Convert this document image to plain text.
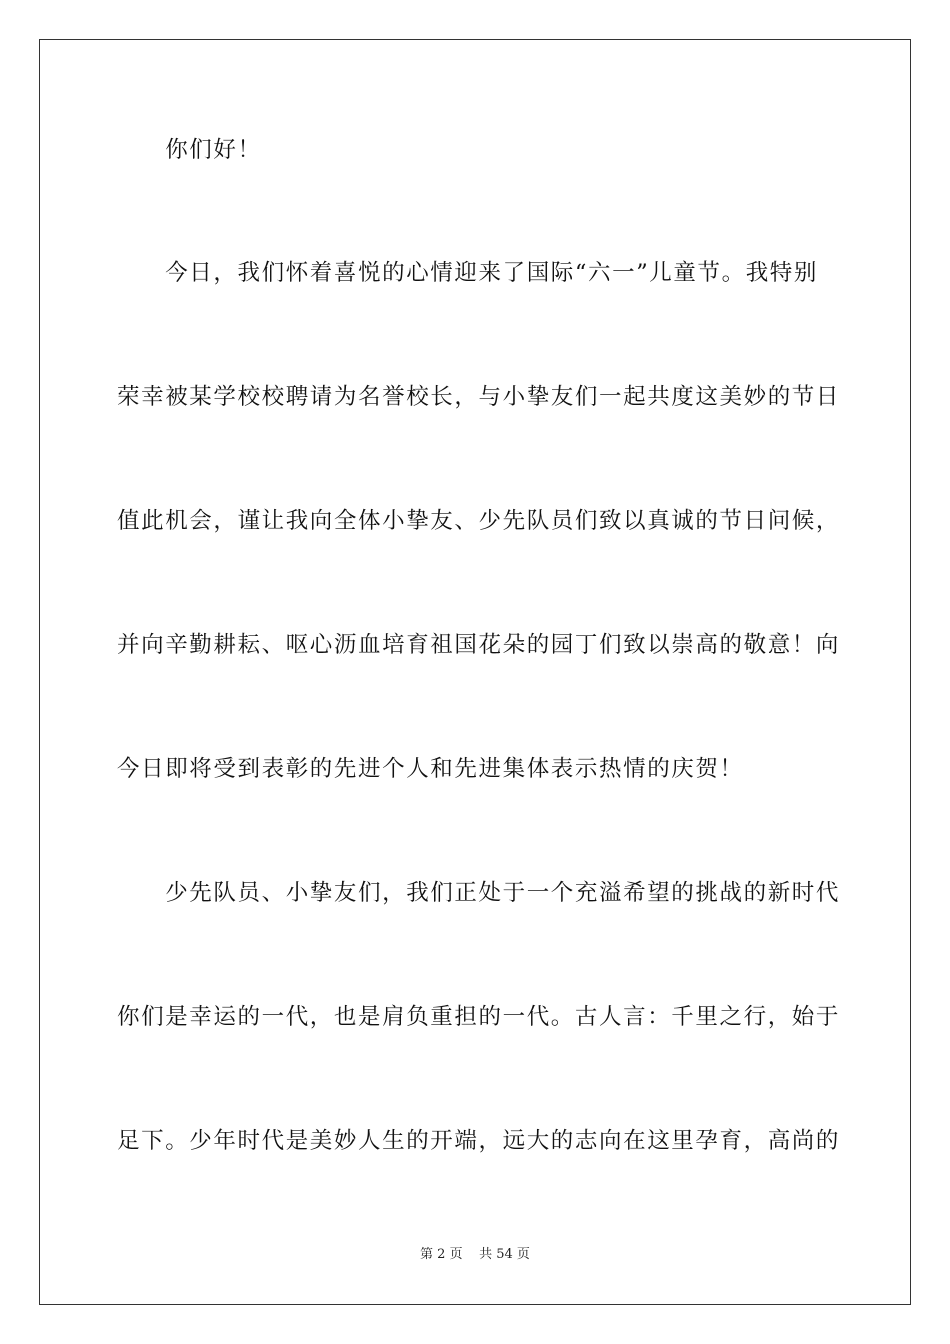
　　你们好！
　　今日，我们怀着喜悦的心情迎来了国际“六一”儿童节。我特别
荣幸被某学校校聘请为名誉校长，与小挚友们一起共度这美妙的节日
值此机会，谨让我向全体小挚友、少先队员们致以真诚的节日问候，
并向辛勤耕耘、呕心沥血培育祖国花朵的园丁们致以崇高的敬意！向
今日即将受到表彰的先进个人和先进集体表示热情的庆贺！
　　少先队员、小挚友们，我们正处于一个充溢希望的挑战的新时代
你们是幸运的一代，也是肩负重担的一代。古人言：千里之行，始于
足下。少年时代是美妙人生的开端，远大的志向在这里孕育，高尚的
第 2 页 共 54 页
